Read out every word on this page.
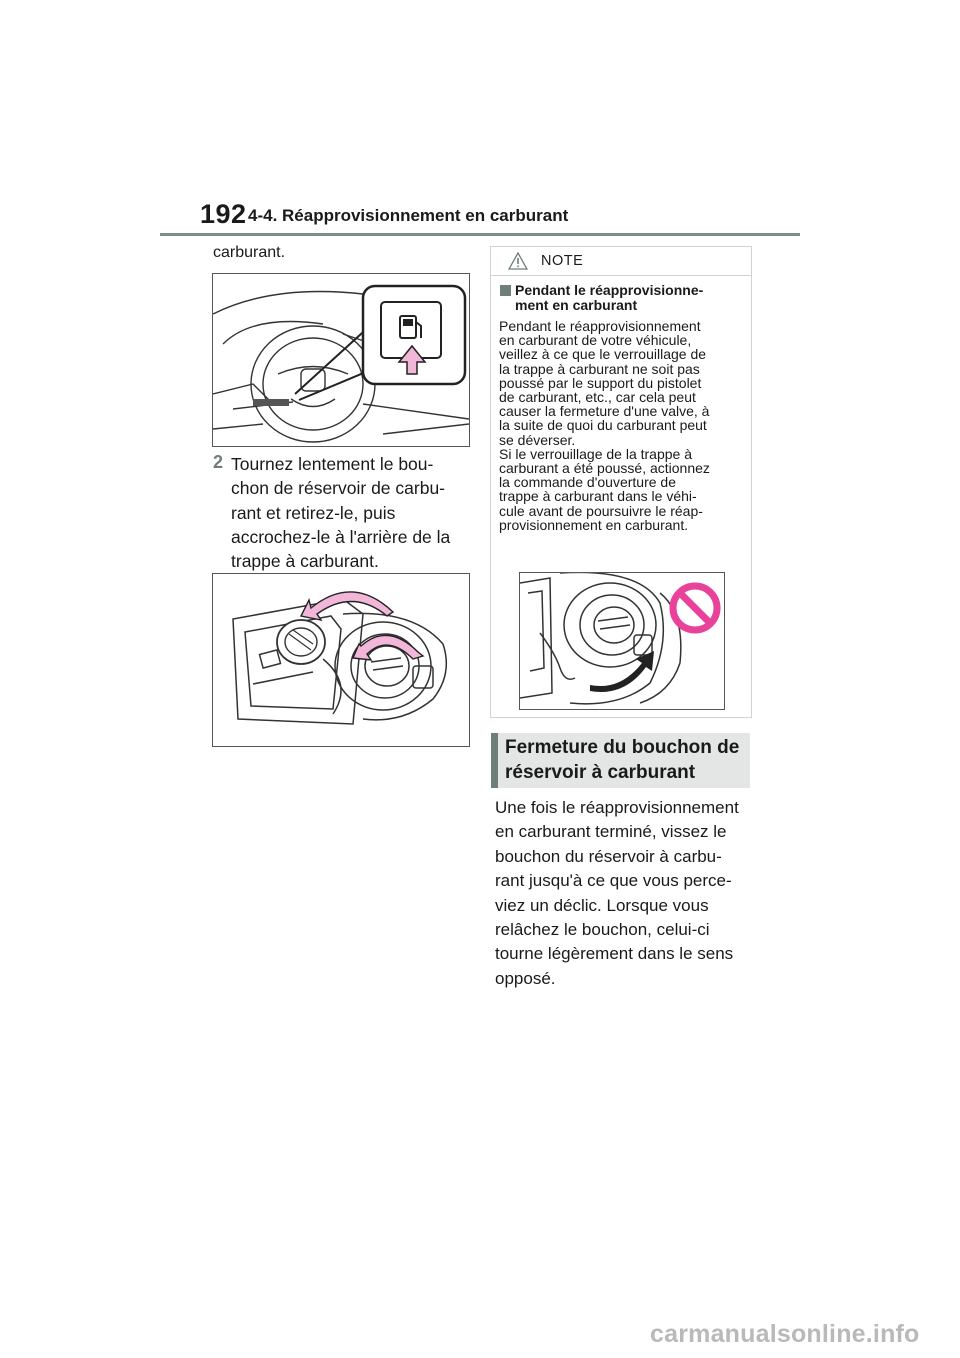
192 4-4. Réapprovisionnement en carburant
carburant.
2 Tournez lentement le bou-
chon de réservoir de carbu-
rant et retirez-le, puis
accrochez-le à l'arrière de la
trappe à carburant.
NOTE
Pendant le réapprovisionne-
ment en carburant
Pendant le réapprovisionnement
en carburant de votre véhicule,
veillez à ce que le verrouillage de
la trappe à carburant ne soit pas
poussé par le support du pistolet
de carburant, etc., car cela peut
causer la fermeture d'une valve, à
la suite de quoi du carburant peut
se déverser.
Si le verrouillage de la trappe à
carburant a été poussé, actionnez
la commande d'ouverture de
trappe à carburant dans le véhi-
cule avant de poursuivre le réap-
provisionnement en carburant.
Fermeture du bouchon de
réservoir à carburant
Une fois le réapprovisionnement
en carburant terminé, vissez le
bouchon du réservoir à carbu-
rant jusqu'à ce que vous perce-
viez un déclic. Lorsque vous
relâchez le bouchon, celui-ci
tourne légèrement dans le sens
opposé.
carmanualsonline.info
